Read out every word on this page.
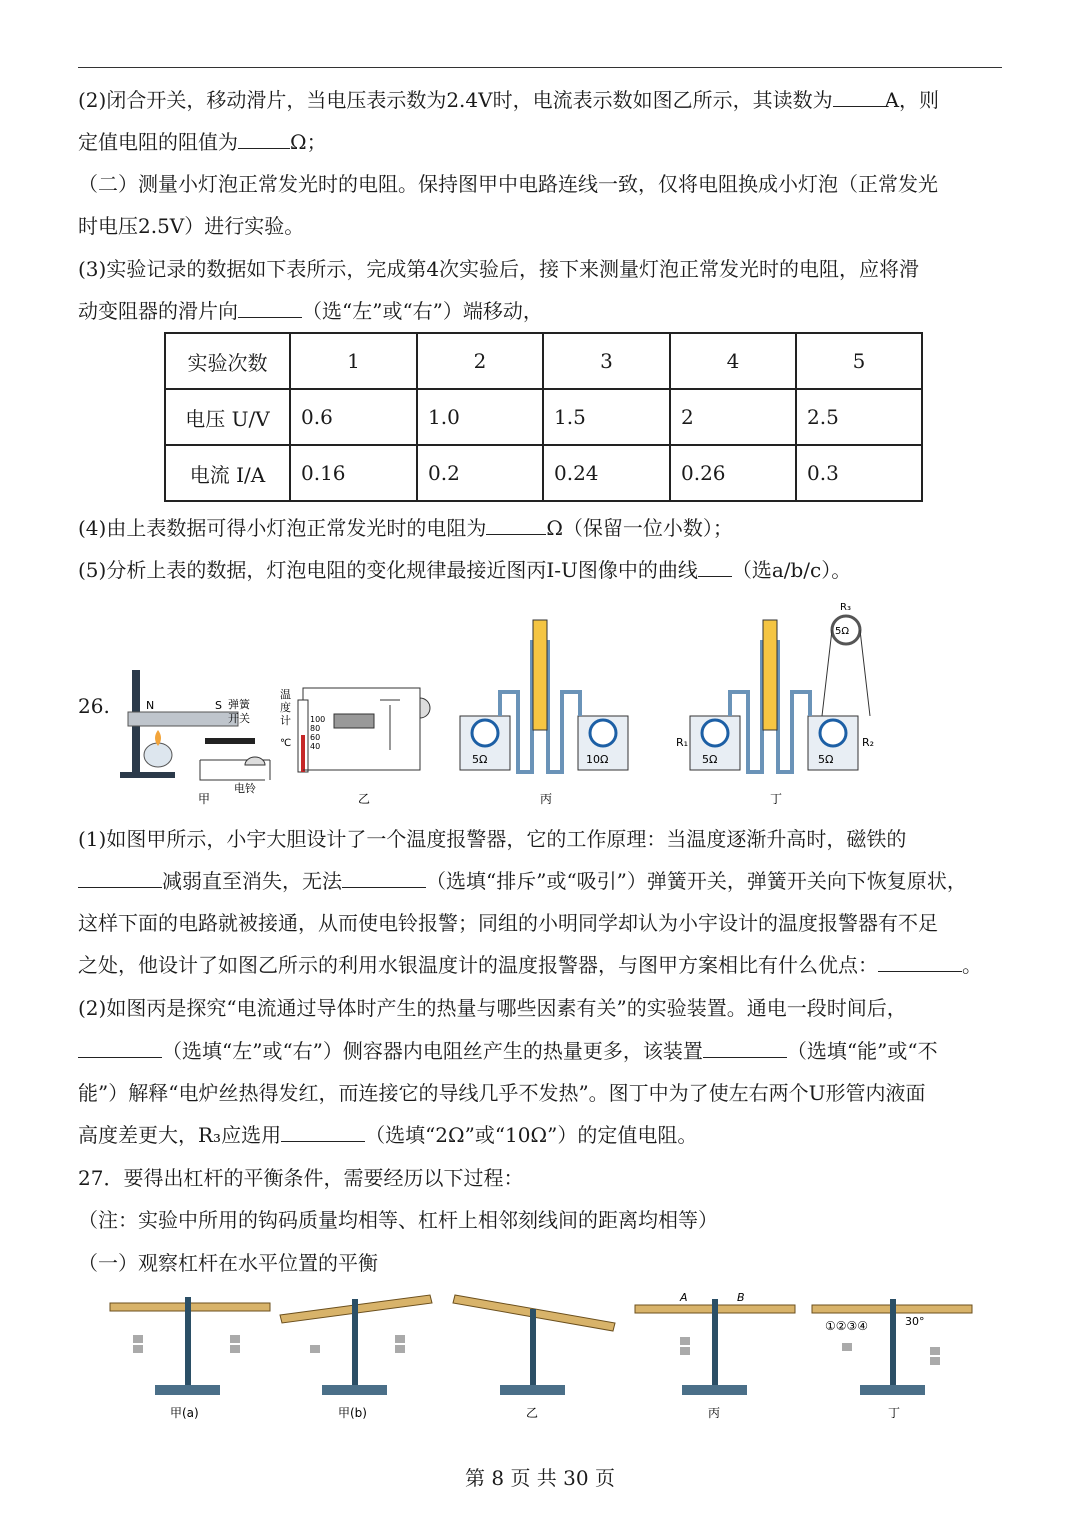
(2)闭合开关，移动滑片，当电压表示数为2.4V时，电流表示数如图乙所示，其读数为	A，则
定值电阻的阻值为	Ω；
（二）测量小灯泡正常发光时的电阻。保持图甲中电路连线一致，仅将电阻换成小灯泡（正常发光
时电压2.5V）进行实验。
(3)实验记录的数据如下表所示，完成第4次实验后，接下来测量灯泡正常发光时的电阻，应将滑
动变阻器的滑片向	（选“左”或“右”）端移动，
实验次数	1	2	3	4	5
电压 U/V	0.6	1.0	1.5	2	2.5
电流 I/A	0.16	0.2	0.24	0.26	0.3
(4)由上表数据可得小灯泡正常发光时的电阻为	Ω（保留一位小数）；
(5)分析上表的数据，灯泡电阻的变化规律最接近图丙I-U图像中的曲线 （选a/b/c）。
26.	N	S 弹簧
开关
电铃
甲
温
度
计
℃
100
80
60
40
乙
5Ω	10Ω
丙
5Ω
R₁
5Ω
R₂
5Ω
R₃
丁
(1)如图甲所示，小宇大胆设计了一个温度报警器，它的工作原理：当温度逐渐升高时，磁铁的
减弱直至消失，无法	（选填“排斥”或“吸引”）弹簧开关，弹簧开关向下恢复原状，
这样下面的电路就被接通，从而使电铃报警；同组的小明同学却认为小宇设计的温度报警器有不足
之处，他设计了如图乙所示的利用水银温度计的温度报警器，与图甲方案相比有什么优点：	。
(2)如图丙是探究“电流通过导体时产生的热量与哪些因素有关”的实验装置。通电一段时间后，
（选填“左”或“右”）侧容器内电阻丝产生的热量更多，该装置	（选填“能”或“不
能”）解释“电炉丝热得发红，而连接它的导线几乎不发热”。图丁中为了使左右两个U形管内液面
高度差更大，R₃应选用	（选填“2Ω”或“10Ω”）的定值电阻。
27．要得出杠杆的平衡条件，需要经历以下过程：
（注：实验中所用的钩码质量均相等、杠杆上相邻刻线间的距离均相等）
（一）观察杠杆在水平位置的平衡
甲(a)	甲(b)	乙
A	B
丙
①②③④	30°
丁
第 8 页 共 30 页
